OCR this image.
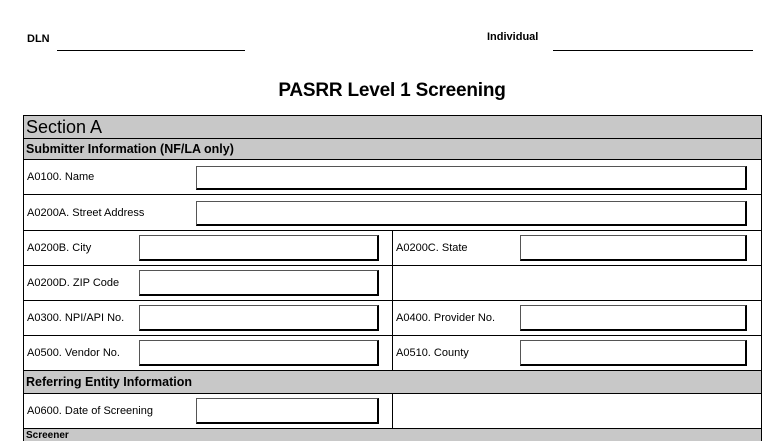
DLN	Individual
PASRR Level 1 Screening
Section A
Submitter Information (NF/LA only)
A0100. Name
A0200A. Street Address
A0200B. City	A0200C. State
A0200D. ZIP Code
A0300. NPI/API No.	A0400. Provider No.
A0500. Vendor No.	A0510. County
Referring Entity Information
A0600. Date of Screening
Screener
